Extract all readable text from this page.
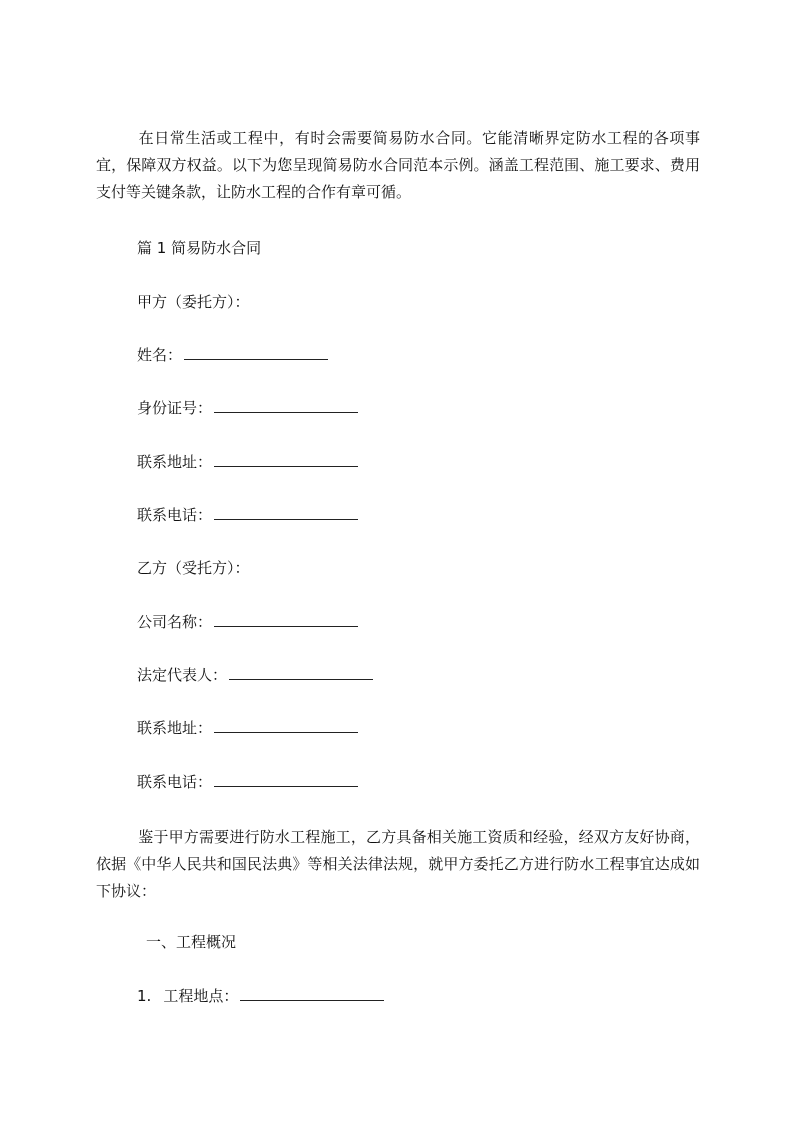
在日常生活或工程中，有时会需要简易防水合同。它能清晰界定防水工程的各项事宜，保障双方权益。以下为您呈现简易防水合同范本示例。涵盖工程范围、施工要求、费用支付等关键条款，让防水工程的合作有章可循。

篇 1 简易防水合同

甲方（委托方）：

姓名：

身份证号：

联系地址：

联系电话：

乙方（受托方）：

公司名称：

法定代表人：

联系地址：

联系电话：

鉴于甲方需要进行防水工程施工，乙方具备相关施工资质和经验，经双方友好协商，依据《中华人民共和国民法典》等相关法律法规，就甲方委托乙方进行防水工程事宜达成如下协议：

一、工程概况

1. 工程地点：
